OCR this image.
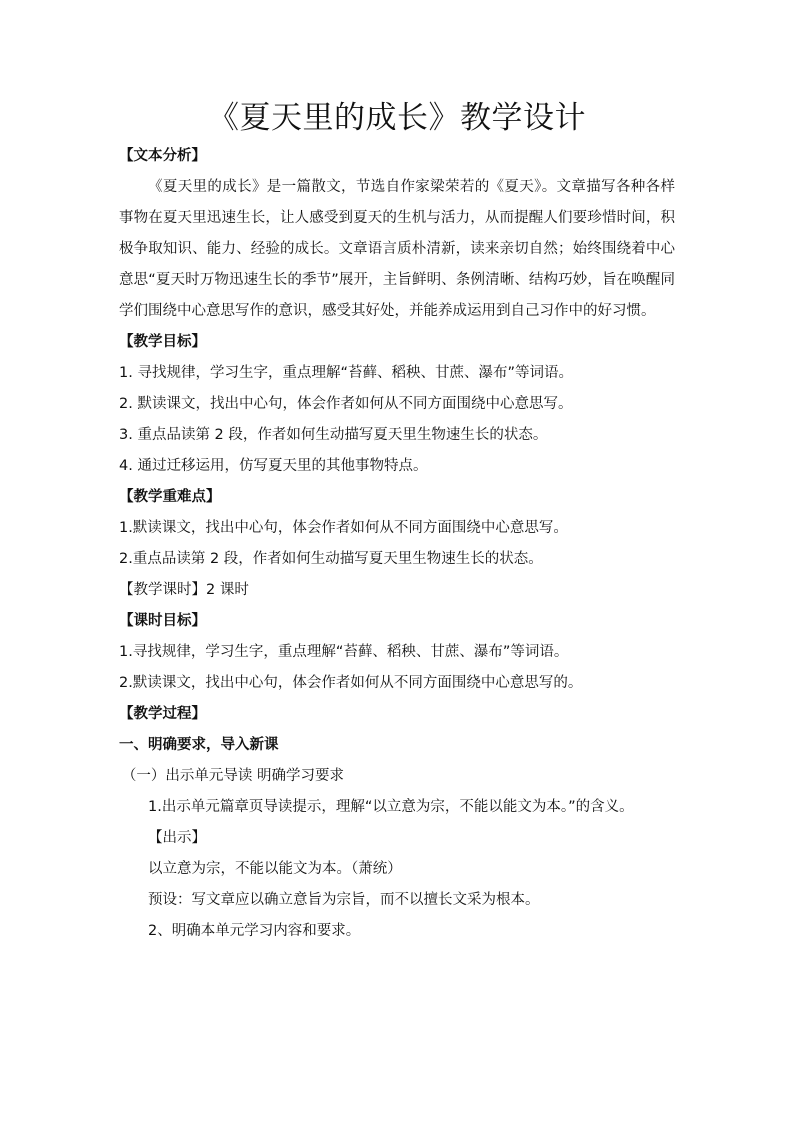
《夏天里的成长》教学设计
【文本分析】
《夏天里的成长》是一篇散文，节选自作家梁荣若的《夏天》。文章描写各种各样事物在夏天里迅速生长，让人感受到夏天的生机与活力，从而提醒人们要珍惜时间，积极争取知识、能力、经验的成长。文章语言质朴清新，读来亲切自然；始终围绕着中心意思“夏天时万物迅速生长的季节”展开，主旨鲜明、条例清晰、结构巧妙，旨在唤醒同学们围绕中心意思写作的意识，感受其好处，并能养成运用到自己习作中的好习惯。
【教学目标】
1. 寻找规律，学习生字，重点理解“苔藓、稻秧、甘蔗、瀑布”等词语。
2. 默读课文，找出中心句，体会作者如何从不同方面围绕中心意思写。
3. 重点品读第 2 段，作者如何生动描写夏天里生物速生长的状态。
4. 通过迁移运用，仿写夏天里的其他事物特点。
【教学重难点】
1.默读课文，找出中心句，体会作者如何从不同方面围绕中心意思写。
2.重点品读第 2 段，作者如何生动描写夏天里生物速生长的状态。
【教学课时】2 课时
【课时目标】
1.寻找规律，学习生字，重点理解“苔藓、稻秧、甘蔗、瀑布”等词语。
2.默读课文，找出中心句，体会作者如何从不同方面围绕中心意思写的。
【教学过程】
一、明确要求，导入新课
（一）出示单元导读 明确学习要求
1.出示单元篇章页导读提示，理解“以立意为宗，不能以能文为本。”的含义。
【出示】
以立意为宗，不能以能文为本。（萧统）
预设：写文章应以确立意旨为宗旨，而不以擅长文采为根本。
2、明确本单元学习内容和要求。
